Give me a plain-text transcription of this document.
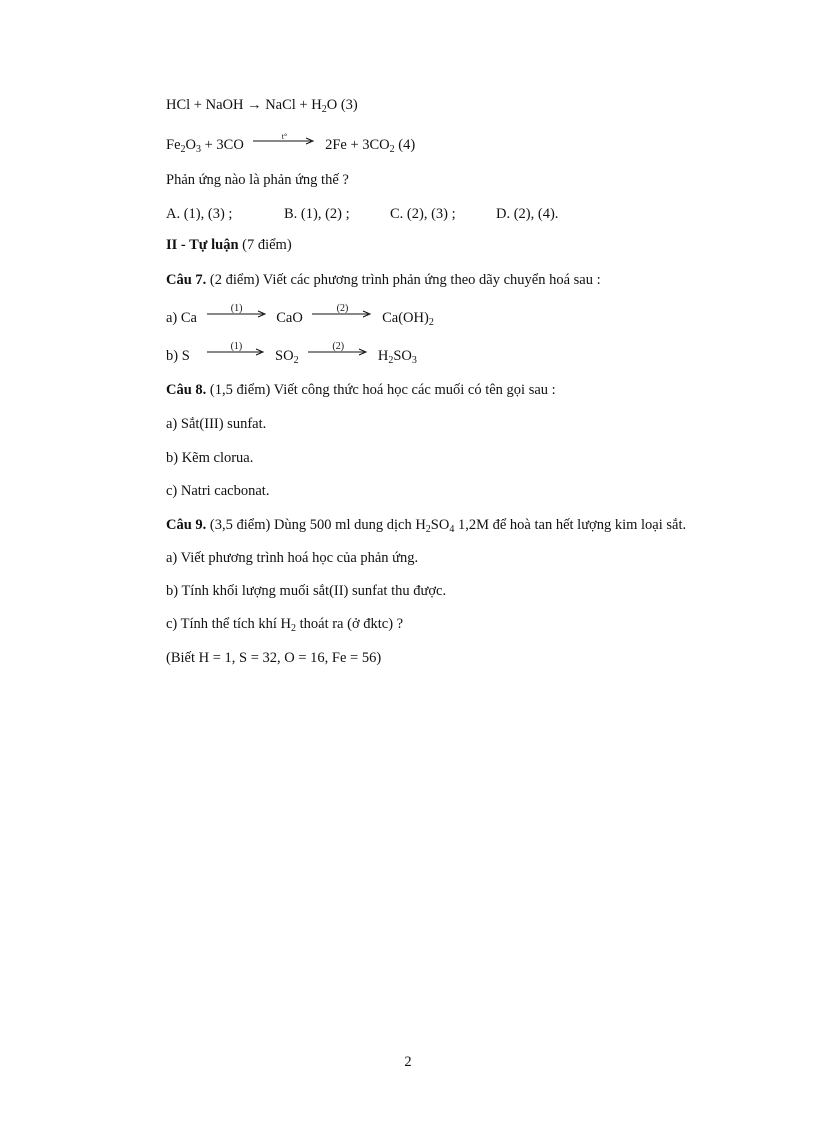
HCl + NaOH → NaCl + $H_2O$ (3)
$Fe_2O_3 + 3CO$
t°
$2Fe + 3CO_2$ (4)
Phản ứng nào là phản ứng thế ?
A. (1), (3) ;	B. (1), (2) ;	C. (2), (3) ;	D. (2), (4).
II - Tự luận (7 điểm)
Câu 7. (2 điểm) Viết các phương trình phản ứng theo dãy chuyển hoá sau :
a) Ca
(1)
CaO
(2)
$Ca(OH)_2$
b) S
(1)
$SO_2$
(2)
$H_2SO_3$
Câu 8. (1,5 điểm) Viết công thức hoá học các muối có tên gọi sau :
a) Sắt(III) sunfat.
b) Kẽm clorua.
c) Natri cacbonat.
Câu 9. (3,5 điểm) Dùng 500 ml dung dịch $H_2SO_4$ 1,2M để hoà tan hết lượng kim loại sắt.
a) Viết phương trình hoá học của phản ứng.
b) Tính khối lượng muối sắt(II) sunfat thu được.
c) Tính thể tích khí $H_2$ thoát ra (ở đktc) ?
(Biết H = 1, S = 32, O = 16, Fe = 56)
2
